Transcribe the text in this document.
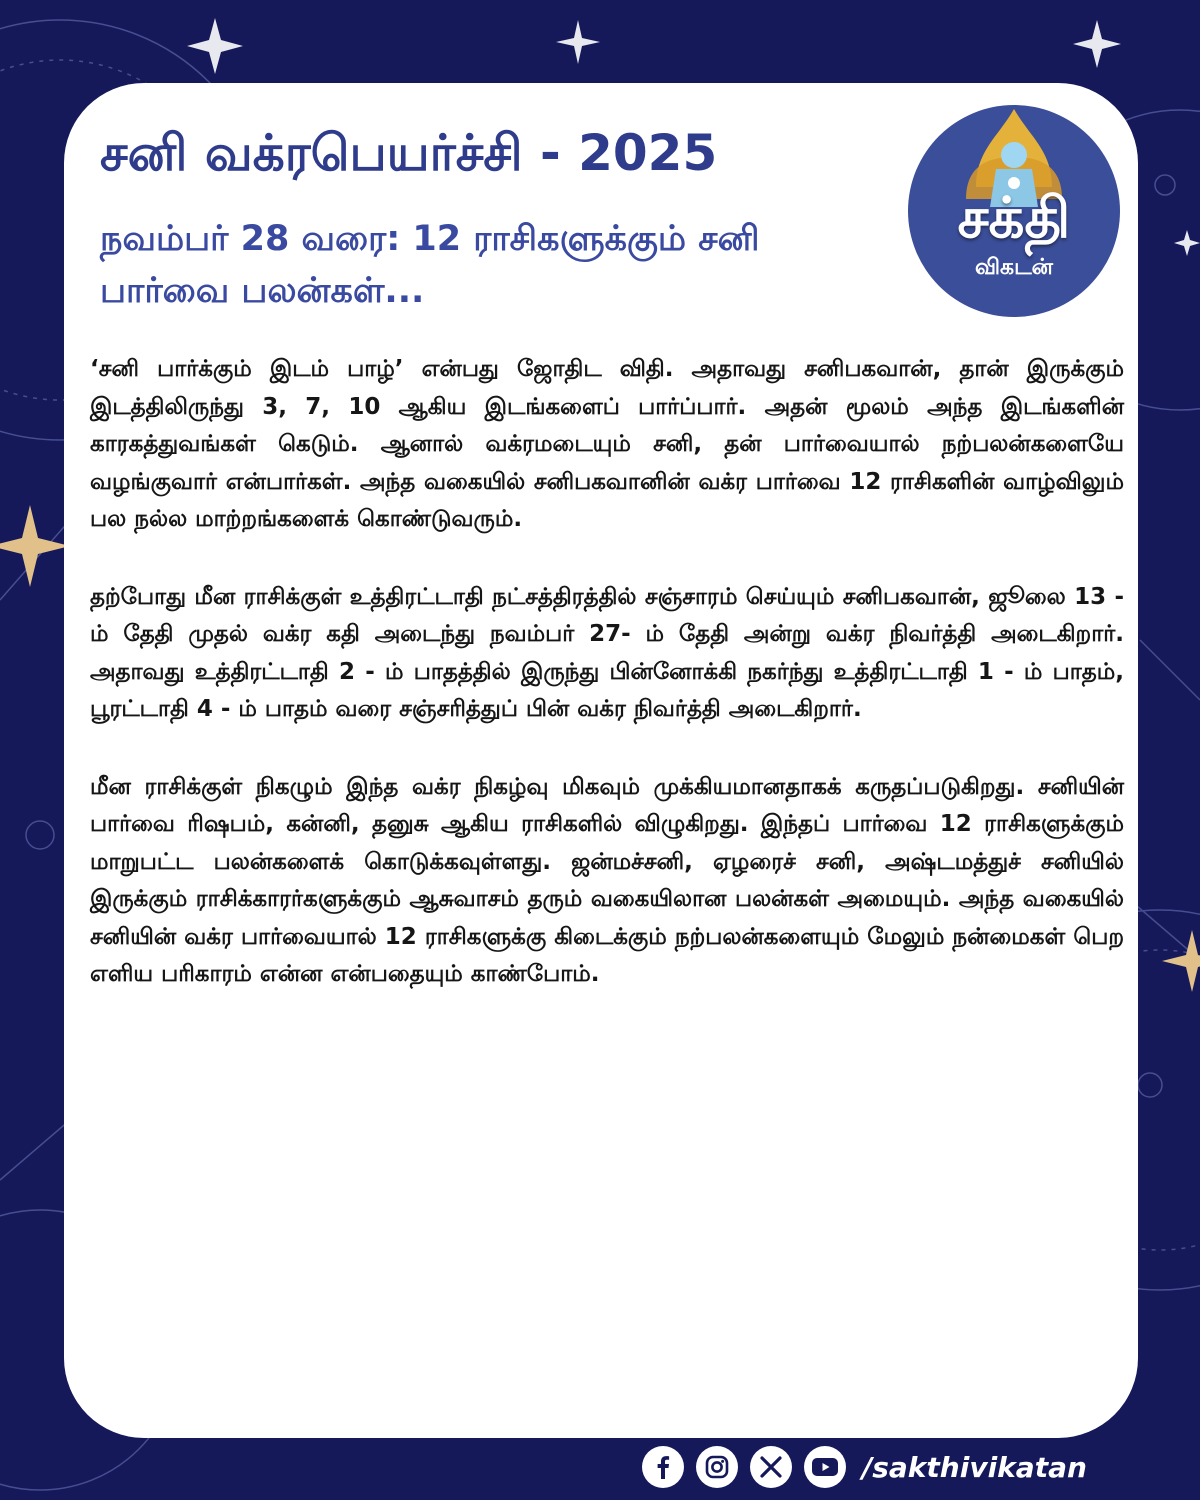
சனி வக்ரபெயர்ச்சி - 2025
நவம்பர் 28 வரை: 12 ராசிகளுக்கும் சனி பார்வை பலன்கள்...
சக்தி
விகடன்

‘சனி பார்க்கும் இடம் பாழ்’ என்பது ஜோதிட விதி. அதாவது சனிபகவான், தான் இருக்கும் இடத்திலிருந்து 3, 7, 10 ஆகிய இடங்களைப் பார்ப்பார். அதன் மூலம் அந்த இடங்களின் காரகத்துவங்கள் கெடும். ஆனால் வக்ரமடையும் சனி, தன் பார்வையால் நற்பலன்களையே வழங்குவார் என்பார்கள். அந்த வகையில் சனிபகவானின் வக்ர பார்வை 12 ராசிகளின் வாழ்விலும் பல நல்ல மாற்றங்களைக் கொண்டுவரும்.

தற்போது மீன ராசிக்குள் உத்திரட்டாதி நட்சத்திரத்தில் சஞ்சாரம் செய்யும் சனிபகவான், ஜூலை 13 - ம் தேதி முதல் வக்ர கதி அடைந்து நவம்பர் 27- ம் தேதி அன்று வக்ர நிவர்த்தி அடைகிறார். அதாவது உத்திரட்டாதி 2 - ம் பாதத்தில் இருந்து பின்னோக்கி நகர்ந்து உத்திரட்டாதி 1 - ம் பாதம், பூரட்டாதி 4 - ம் பாதம் வரை சஞ்சரித்துப் பின் வக்ர நிவர்த்தி அடைகிறார்.

மீன ராசிக்குள் நிகழும் இந்த வக்ர நிகழ்வு மிகவும் முக்கியமானதாகக் கருதப்படுகிறது. சனியின் பார்வை ரிஷபம், கன்னி, தனுசு ஆகிய ராசிகளில் விழுகிறது. இந்தப் பார்வை 12 ராசிகளுக்கும் மாறுபட்ட பலன்களைக் கொடுக்கவுள்ளது. ஜன்மச்சனி, ஏழரைச் சனி, அஷ்டமத்துச் சனியில் இருக்கும் ராசிக்காரர்களுக்கும் ஆசுவாசம் தரும் வகையிலான பலன்கள் அமையும். அந்த வகையில் சனியின் வக்ர பார்வையால் 12 ராசிகளுக்கு கிடைக்கும் நற்பலன்களையும் மேலும் நன்மைகள் பெற எளிய பரிகாரம் என்ன என்பதையும் காண்போம்.

/sakthivikatan
